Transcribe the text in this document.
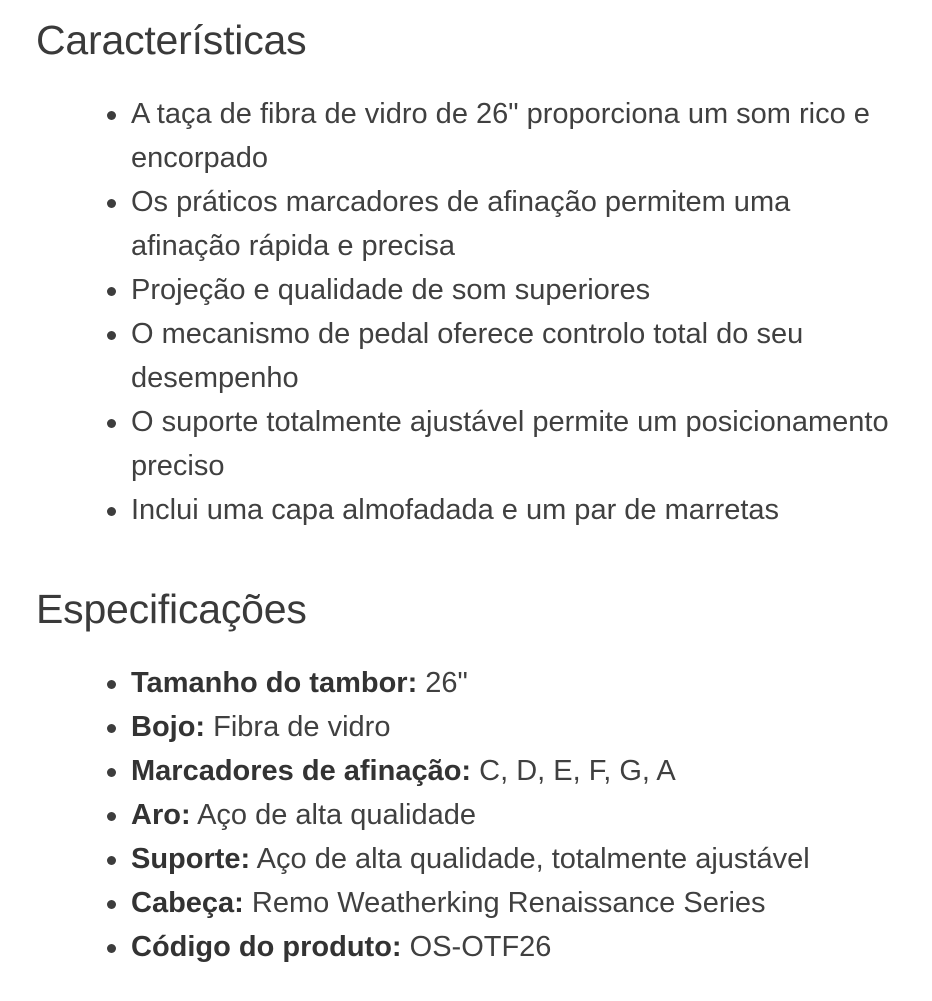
Características
A taça de fibra de vidro de 26" proporciona um som rico e encorpado
Os práticos marcadores de afinação permitem uma afinação rápida e precisa
Projeção e qualidade de som superiores
O mecanismo de pedal oferece controlo total do seu desempenho
O suporte totalmente ajustável permite um posicionamento preciso
Inclui uma capa almofadada e um par de marretas
Especificações
Tamanho do tambor: 26"
Bojo: Fibra de vidro
Marcadores de afinação: C, D, E, F, G, A
Aro: Aço de alta qualidade
Suporte: Aço de alta qualidade, totalmente ajustável
Cabeça: Remo Weatherking Renaissance Series
Código do produto: OS-OTF26
